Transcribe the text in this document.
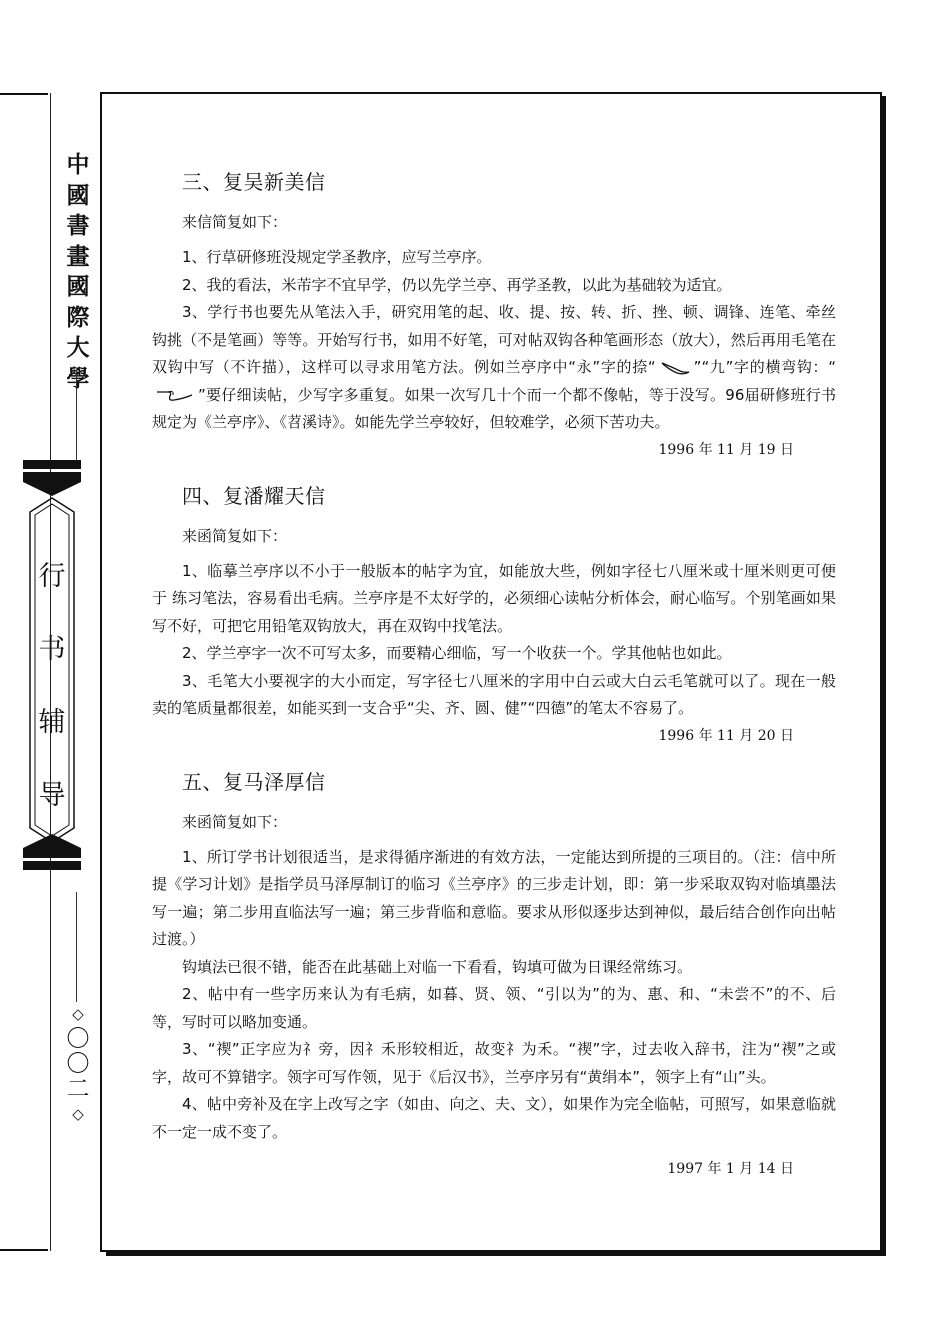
中
國
書
畫
國
際
大
學
行
书
辅
导
◇
〇
〇
二
◇
三、复吴新美信
来信简复如下：

1、行草研修班没规定学圣教序，应写兰亭序。

2、我的看法，米芾字不宜早学，仍以先学兰亭、再学圣教，以此为基础较为适宜。

3、学行书也要先从笔法入手，研究用笔的起、收、提、按、转、折、挫、顿、调锋、连笔、牵丝钩挑（不是笔画）等等。开始写行书，如用不好笔，可对帖双钩各种笔画形态（放大），然后再用毛笔在双钩中写（不许描），这样可以寻求用笔方法。例如兰亭序中“永”字的捺“	”“九”字的横弯钩：“”要仔细读帖，少写字多重复。如果一次写几十个而一个都不像帖，等于没写。96届研修班行书规定为《兰亭序》、《苕溪诗》。如能先学兰亭较好，但较难学，必须下苦功夫。

1996 年 11 月 19 日
四、复潘耀天信
来函简复如下：

1、临摹兰亭序以不小于一般版本的帖字为宜，如能放大些，例如字径七八厘米或十厘米则更可便于 练习笔法，容易看出毛病。兰亭序是不太好学的，必须细心读帖分析体会，耐心临写。个别笔画如果写不好，可把它用铅笔双钩放大，再在双钩中找笔法。

2、学兰亭字一次不可写太多，而要精心细临，写一个收获一个。学其他帖也如此。

3、毛笔大小要视字的大小而定，写字径七八厘米的字用中白云或大白云毛笔就可以了。现在一般卖的笔质量都很差，如能买到一支合乎“尖、齐、圆、健”“四德”的笔太不容易了。

1996 年 11 月 20 日
五、复马泽厚信
来函简复如下：

1、所订学书计划很适当，是求得循序渐进的有效方法，一定能达到所提的三项目的。（注：信中所提《学习计划》是指学员马泽厚制订的临习《兰亭序》的三步走计划，即：第一步采取双钩对临填墨法写一遍；第二步用直临法写一遍；第三步背临和意临。要求从形似逐步达到神似，最后结合创作向出帖过渡。）

钩填法已很不错，能否在此基础上对临一下看看，钩填可做为日课经常练习。

2、帖中有一些字历来认为有毛病，如暮、贤、领、“引以为”的为、惠、和、“未尝不”的不、后等，写时可以略加变通。

3、“禊”正字应为礻旁，因礻禾形较相近，故变礻为禾。“禊”字，过去收入辞书，注为“禊”之或字，故可不算错字。领字可写作领，见于《后汉书》，兰亭序另有“黄绢本”，领字上有“山”头。

4、帖中旁补及在字上改写之字（如由、向之、夫、文），如果作为完全临帖，可照写，如果意临就不一定一成不变了。

1997 年 1 月 14 日
